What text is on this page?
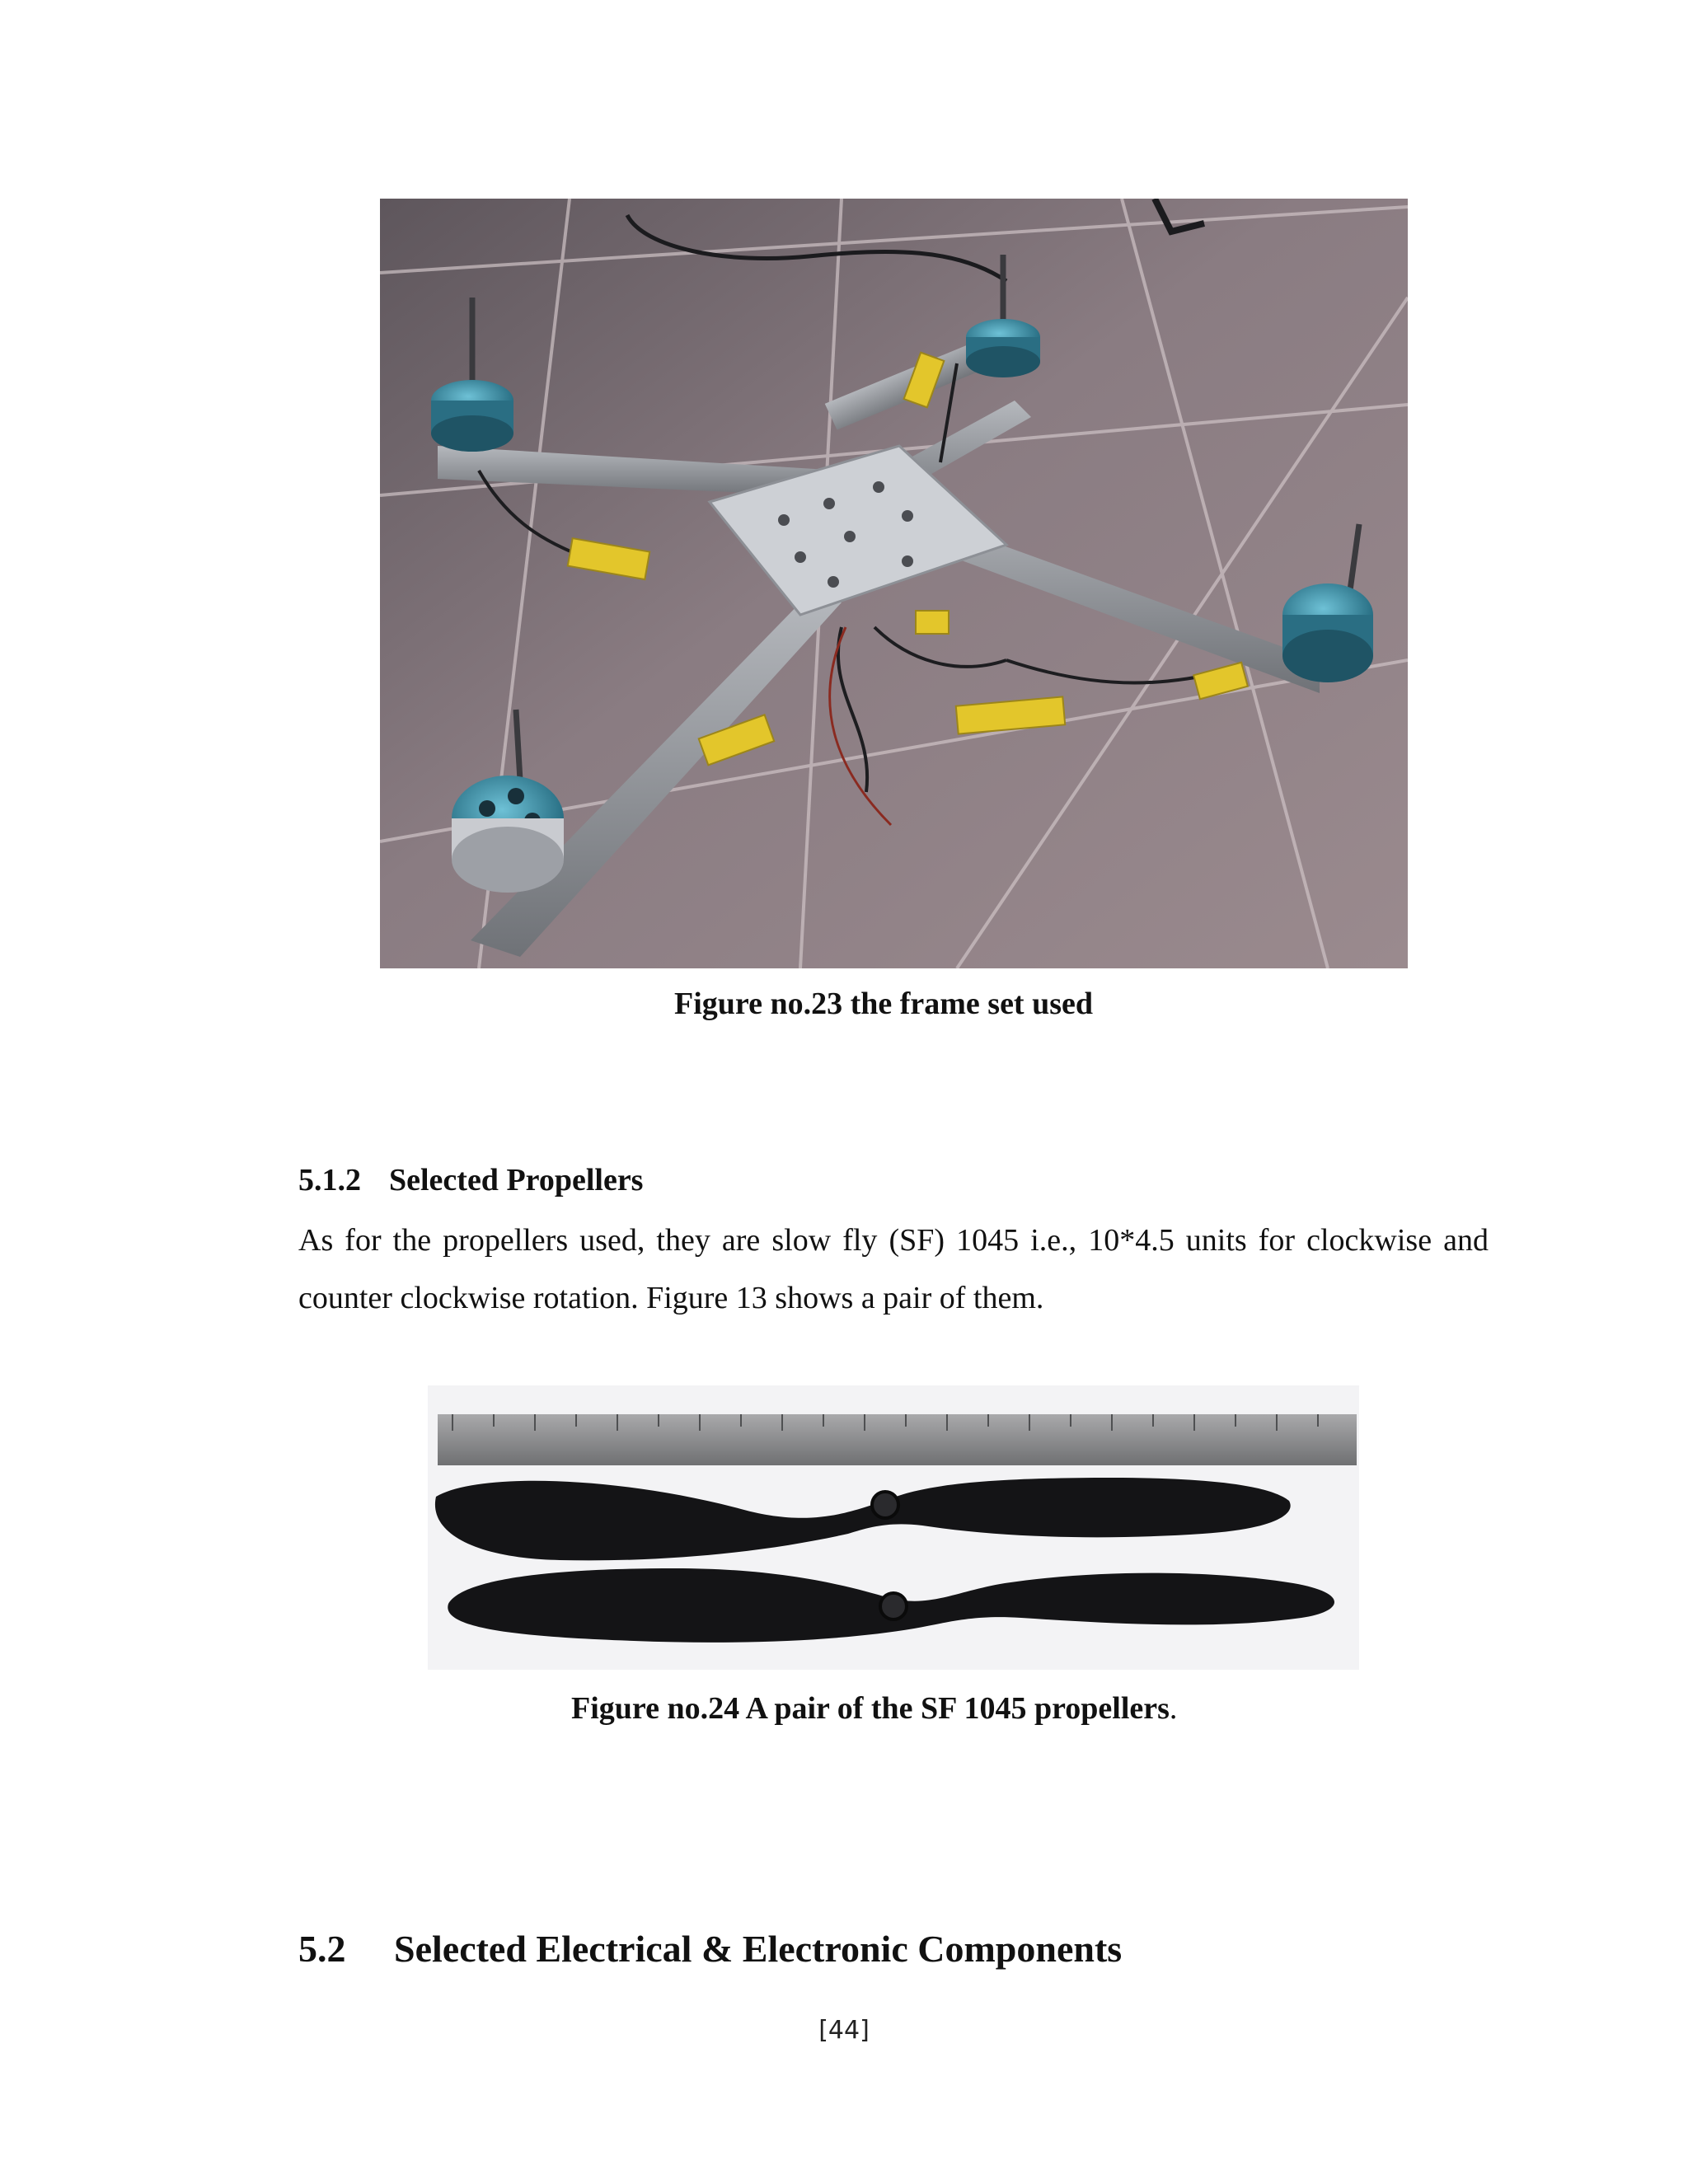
Figure no.23 the frame set used
5.1.2 Selected Propellers
As for the propellers used, they are slow fly (SF) 1045 i.e., 10*4.5 units for clockwise and counter clockwise rotation. Figure 13 shows a pair of them.
Figure no.24 A pair of the SF 1045 propellers.
5.2 Selected Electrical & Electronic Components
[44]
